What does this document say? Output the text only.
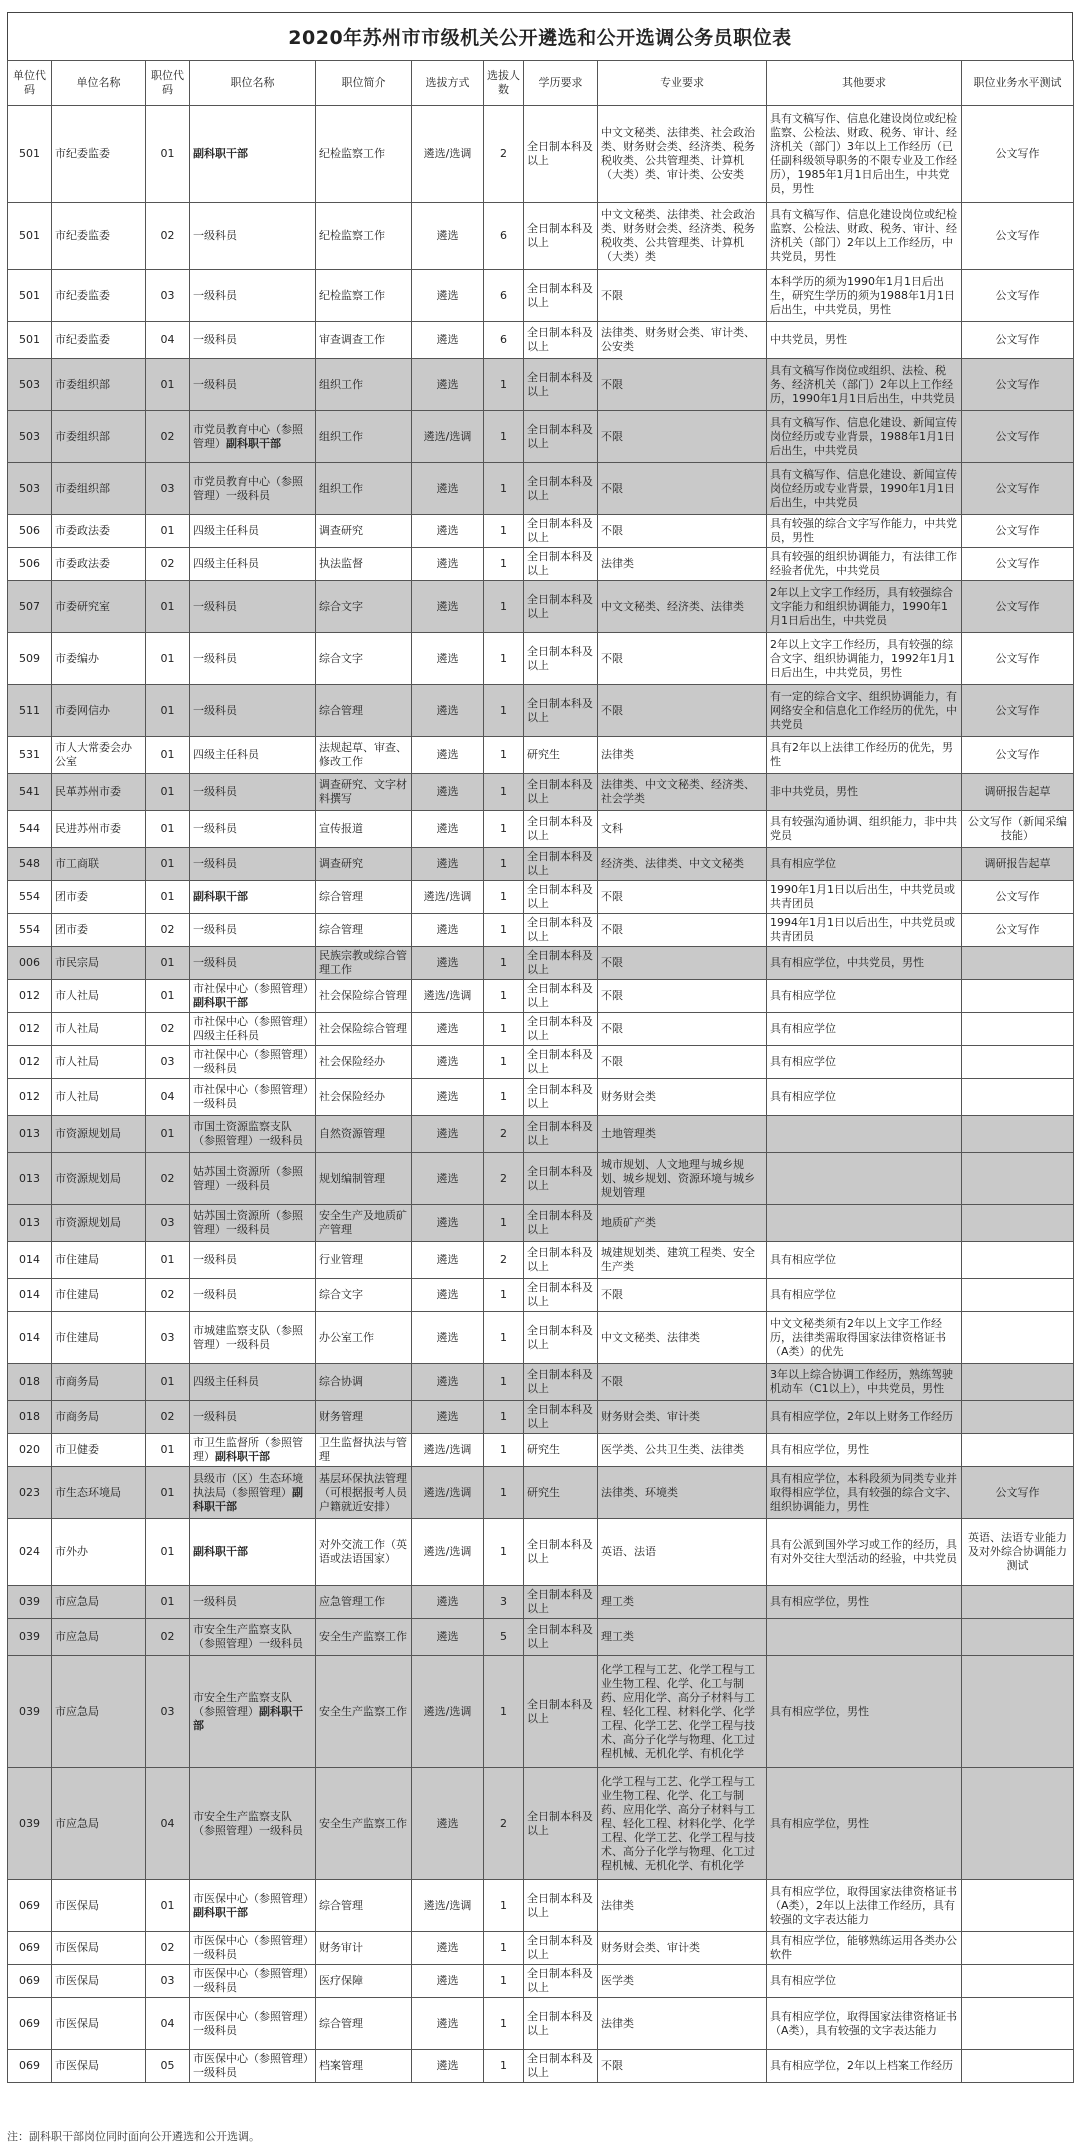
2020年苏州市市级机关公开遴选和公开选调公务员职位表
单位代码	单位名称	职位代码	职位名称	职位简介	选拔方式	选拔人数	学历要求	专业要求	其他要求	职位业务水平测试
501	市纪委监委	01	副科职干部	纪检监察工作	遴选/选调	2	全日制本科及以上	中文文秘类、法律类、社会政治类、财务财会类、经济类、税务税收类、公共管理类、计算机（大类）类、审计类、公安类	具有文稿写作、信息化建设岗位或纪检监察、公检法、财政、税务、审计、经济机关（部门）3年以上工作经历（已任副科级领导职务的不限专业及工作经历），1985年1月1日后出生，中共党员，男性	公文写作
501	市纪委监委	02	一级科员	纪检监察工作	遴选	6	全日制本科及以上	中文文秘类、法律类、社会政治类、财务财会类、经济类、税务税收类、公共管理类、计算机（大类）类	具有文稿写作、信息化建设岗位或纪检监察、公检法、财政、税务、审计、经济机关（部门）2年以上工作经历，中共党员，男性	公文写作
501	市纪委监委	03	一级科员	纪检监察工作	遴选	6	全日制本科及以上	不限	本科学历的须为1990年1月1日后出生，研究生学历的须为1988年1月1日后出生，中共党员，男性	公文写作
501	市纪委监委	04	一级科员	审查调查工作	遴选	6	全日制本科及以上	法律类、财务财会类、审计类、公安类	中共党员，男性	公文写作
503	市委组织部	01	一级科员	组织工作	遴选	1	全日制本科及以上	不限	具有文稿写作岗位或组织、法检、税务、经济机关（部门）2年以上工作经历，1990年1月1日后出生，中共党员	公文写作
503	市委组织部	02	市党员教育中心（参照管理）副科职干部	组织工作	遴选/选调	1	全日制本科及以上	不限	具有文稿写作、信息化建设、新闻宣传岗位经历或专业背景，1988年1月1日后出生，中共党员	公文写作
503	市委组织部	03	市党员教育中心（参照管理）一级科员	组织工作	遴选	1	全日制本科及以上	不限	具有文稿写作、信息化建设、新闻宣传岗位经历或专业背景，1990年1月1日后出生，中共党员	公文写作
506	市委政法委	01	四级主任科员	调查研究	遴选	1	全日制本科及以上	不限	具有较强的综合文字写作能力，中共党员，男性	公文写作
506	市委政法委	02	四级主任科员	执法监督	遴选	1	全日制本科及以上	法律类	具有较强的组织协调能力，有法律工作经验者优先，中共党员	公文写作
507	市委研究室	01	一级科员	综合文字	遴选	1	全日制本科及以上	中文文秘类、经济类、法律类	2年以上文字工作经历，具有较强综合文字能力和组织协调能力，1990年1月1日后出生，中共党员	公文写作
509	市委编办	01	一级科员	综合文字	遴选	1	全日制本科及以上	不限	2年以上文字工作经历，具有较强的综合文字、组织协调能力，1992年1月1日后出生，中共党员，男性	公文写作
511	市委网信办	01	一级科员	综合管理	遴选	1	全日制本科及以上	不限	有一定的综合文字、组织协调能力，有网络安全和信息化工作经历的优先，中共党员	公文写作
531	市人大常委会办公室	01	四级主任科员	法规起草、审查、修改工作	遴选	1	研究生	法律类	具有2年以上法律工作经历的优先，男性	公文写作
541	民革苏州市委	01	一级科员	调查研究、文字材料撰写	遴选	1	全日制本科及以上	法律类、中文文秘类、经济类、社会学类	非中共党员，男性	调研报告起草
544	民进苏州市委	01	一级科员	宣传报道	遴选	1	全日制本科及以上	文科	具有较强沟通协调、组织能力，非中共党员	公文写作（新闻采编技能）
548	市工商联	01	一级科员	调查研究	遴选	1	全日制本科及以上	经济类、法律类、中文文秘类	具有相应学位	调研报告起草
554	团市委	01	副科职干部	综合管理	遴选/选调	1	全日制本科及以上	不限	1990年1月1日以后出生，中共党员或共青团员	公文写作
554	团市委	02	一级科员	综合管理	遴选	1	全日制本科及以上	不限	1994年1月1日以后出生，中共党员或共青团员	公文写作
006	市民宗局	01	一级科员	民族宗教或综合管理工作	遴选	1	全日制本科及以上	不限	具有相应学位，中共党员，男性	
012	市人社局	01	市社保中心（参照管理）副科职干部	社会保险综合管理	遴选/选调	1	全日制本科及以上	不限	具有相应学位	
012	市人社局	02	市社保中心（参照管理）四级主任科员	社会保险综合管理	遴选	1	全日制本科及以上	不限	具有相应学位	
012	市人社局	03	市社保中心（参照管理）一级科员	社会保险经办	遴选	1	全日制本科及以上	不限	具有相应学位	
012	市人社局	04	市社保中心（参照管理）一级科员	社会保险经办	遴选	1	全日制本科及以上	财务财会类	具有相应学位	
013	市资源规划局	01	市国土资源监察支队（参照管理）一级科员	自然资源管理	遴选	2	全日制本科及以上	土地管理类		
013	市资源规划局	02	姑苏国土资源所（参照管理）一级科员	规划编制管理	遴选	2	全日制本科及以上	城市规划、人文地理与城乡规划、城乡规划、资源环境与城乡规划管理		
013	市资源规划局	03	姑苏国土资源所（参照管理）一级科员	安全生产及地质矿产管理	遴选	1	全日制本科及以上	地质矿产类		
014	市住建局	01	一级科员	行业管理	遴选	2	全日制本科及以上	城建规划类、建筑工程类、安全生产类	具有相应学位	
014	市住建局	02	一级科员	综合文字	遴选	1	全日制本科及以上	不限	具有相应学位	
014	市住建局	03	市城建监察支队（参照管理）一级科员	办公室工作	遴选	1	全日制本科及以上	中文文秘类、法律类	中文文秘类须有2年以上文字工作经历，法律类需取得国家法律资格证书（A类）的优先	
018	市商务局	01	四级主任科员	综合协调	遴选	1	全日制本科及以上	不限	3年以上综合协调工作经历，熟练驾驶机动车（C1以上），中共党员，男性	
018	市商务局	02	一级科员	财务管理	遴选	1	全日制本科及以上	财务财会类、审计类	具有相应学位，2年以上财务工作经历	
020	市卫健委	01	市卫生监督所（参照管理）副科职干部	卫生监督执法与管理	遴选/选调	1	研究生	医学类、公共卫生类、法律类	具有相应学位，男性	
023	市生态环境局	01	县级市（区）生态环境执法局（参照管理）副科职干部	基层环保执法管理（可根据报考人员户籍就近安排）	遴选/选调	1	研究生	法律类、环境类	具有相应学位，本科段须为同类专业并取得相应学位，具有较强的综合文字、组织协调能力，男性	公文写作
024	市外办	01	副科职干部	对外交流工作（英语或法语国家）	遴选/选调	1	全日制本科及以上	英语、法语	具有公派到国外学习或工作的经历，具有对外交往大型活动的经验，中共党员	英语、法语专业能力及对外综合协调能力测试
039	市应急局	01	一级科员	应急管理工作	遴选	3	全日制本科及以上	理工类	具有相应学位，男性	
039	市应急局	02	市安全生产监察支队（参照管理）一级科员	安全生产监察工作	遴选	5	全日制本科及以上	理工类		
039	市应急局	03	市安全生产监察支队（参照管理）副科职干部	安全生产监察工作	遴选/选调	1	全日制本科及以上	化学工程与工艺、化学工程与工业生物工程、化学、化工与制药、应用化学、高分子材料与工程、轻化工程、材料化学、化学工程、化学工艺、化学工程与技术、高分子化学与物理、化工过程机械、无机化学、有机化学	具有相应学位，男性	
039	市应急局	04	市安全生产监察支队（参照管理）一级科员	安全生产监察工作	遴选	2	全日制本科及以上	化学工程与工艺、化学工程与工业生物工程、化学、化工与制药、应用化学、高分子材料与工程、轻化工程、材料化学、化学工程、化学工艺、化学工程与技术、高分子化学与物理、化工过程机械、无机化学、有机化学	具有相应学位，男性	
069	市医保局	01	市医保中心（参照管理）副科职干部	综合管理	遴选/选调	1	全日制本科及以上	法律类	具有相应学位，取得国家法律资格证书（A类），2年以上法律工作经历，具有较强的文字表达能力	
069	市医保局	02	市医保中心（参照管理）一级科员	财务审计	遴选	1	全日制本科及以上	财务财会类、审计类	具有相应学位，能够熟练运用各类办公软件	
069	市医保局	03	市医保中心（参照管理）一级科员	医疗保障	遴选	1	全日制本科及以上	医学类	具有相应学位	
069	市医保局	04	市医保中心（参照管理）一级科员	综合管理	遴选	1	全日制本科及以上	法律类	具有相应学位，取得国家法律资格证书（A类），具有较强的文字表达能力	
069	市医保局	05	市医保中心（参照管理）一级科员	档案管理	遴选	1	全日制本科及以上	不限	具有相应学位，2年以上档案工作经历	
注：副科职干部岗位同时面向公开遴选和公开选调。
